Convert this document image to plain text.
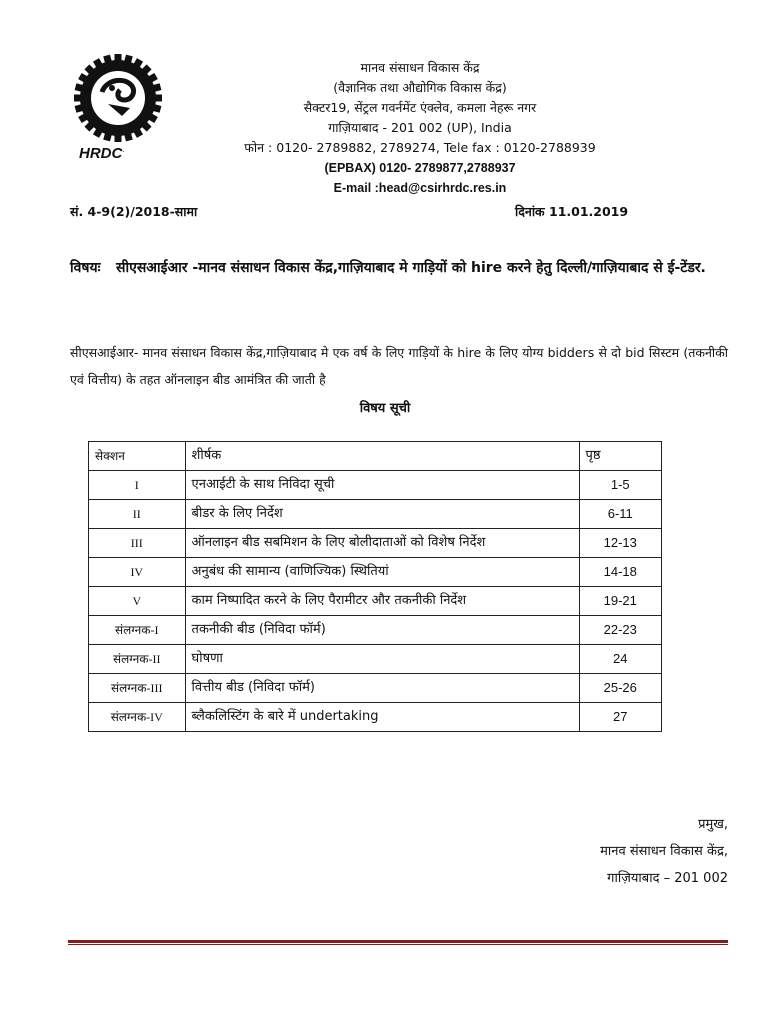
CSIR
HRDC.
मानव संसाधन विकास केंद्र
(वैज्ञानिक तथा औद्योगिक विकास केंद्र)
सैक्टर19, सेंट्रल गवर्नमेंट एंक्लेव, कमला नेहरू नगर
गाज़ियाबाद - 201 002 (UP), India
फोन : 0120- 2789882, 2789274, Tele fax : 0120-2788939
(EPBAX) 0120- 2789877,2788937
E-mail :head@csirhrdc.res.in
सं. 4-9(2)/2018-सामा	दिनांक 11.01.2019
विषयः सीएसआईआर -मानव संसाधन विकास केंद्र,गाज़ियाबाद मे गाड़ियों को hire करने हेतु दिल्ली/गाज़ियाबाद से ई-टेंडर.
सीएसआईआर- मानव संसाधन विकास केंद्र,गाज़ियाबाद मे एक वर्ष के लिए गाड़ियों के hire के लिए योग्य bidders से दो bid सिस्टम (तकनीकी एवं वित्तीय) के तहत ऑनलाइन बीड आमंत्रित की जाती है
विषय सूची
सेक्शन	शीर्षक	पृष्ठ
I	एनआईटी के साथ निविदा सूची	1-5
II	बीडर के लिए निर्देश	6-11
III	ऑनलाइन बीड सबमिशन के लिए बोलीदाताओं को विशेष निर्देश	12-13
IV	अनुबंध की सामान्य (वाणिज्यिक) स्थितियां	14-18
V	काम निष्पादित करने के लिए पैरामीटर और तकनीकी निर्देश	19-21
संलग्नक-I	तकनीकी बीड (निविदा फॉर्म)	22-23
संलग्नक-II	घोषणा	24
संलग्नक-III	वित्तीय बीड (निविदा फॉर्म)	25-26
संलग्नक-IV	ब्लैकलिस्टिंग के बारे में undertaking	27
प्रमुख,
मानव संसाधन विकास केंद्र,
गाज़ियाबाद – 201 002
